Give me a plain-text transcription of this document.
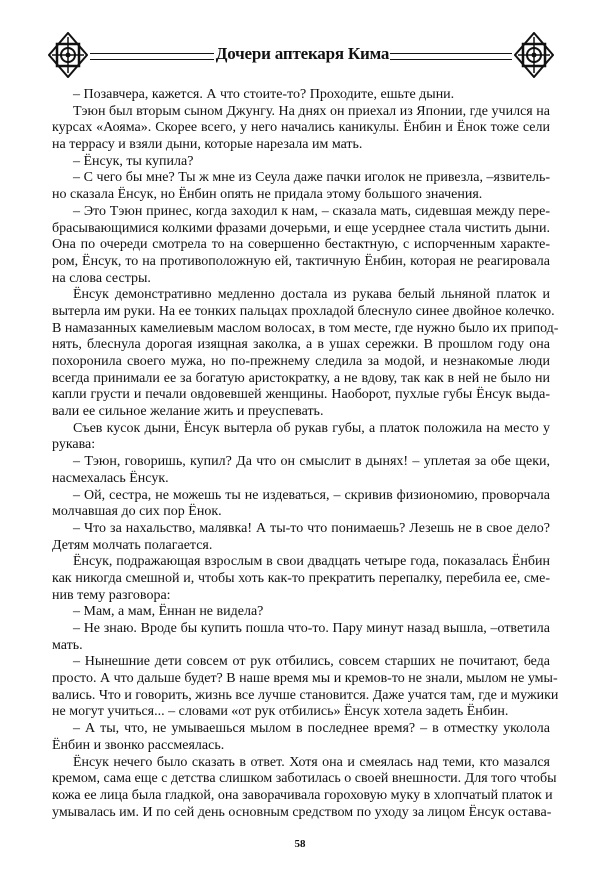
Дочери аптекаря Кима
– Позавчера, кажется. А что стоите-то? Проходите, ешьте дыни.
Тэюн был вторым сыном Джунгу. На днях он приехал из Японии, где учился на
курсах «Аояма». Скорее всего, у него начались каникулы. Ёнбин и Ёнок тоже сели
на террасу и взяли дыни, которые нарезала им мать.
– Ёнсук, ты купила?
– С чего бы мне? Ты ж мне из Сеула даже пачки иголок не привезла, –язвитель-
но сказала Ёнсук, но Ёнбин опять не придала этому большого значения.
– Это Тэюн принес, когда заходил к нам, – сказала мать, сидевшая между пере-
брасывающимися колкими фразами дочерьми, и еще усерднее стала чистить дыни.
Она по очереди смотрела то на совершенно бестактную, с испорченным характе-
ром, Ёнсук, то на противоположную ей, тактичную Ёнбин, которая не реагировала
на слова сестры.
Ёнсук демонстративно медленно достала из рукава белый льняной платок и
вытерла им руки. На ее тонких пальцах прохладой блеснуло синее двойное колечко.
В намазанных камелиевым маслом волосах, в том месте, где нужно было их припод-
нять, блеснула дорогая изящная заколка, а в ушах сережки. В прошлом году она
похоронила своего мужа, но по-прежнему следила за модой, и незнакомые люди
всегда принимали ее за богатую аристократку, а не вдову, так как в ней не было ни
капли грусти и печали овдовевшей женщины. Наоборот, пухлые губы Ёнсук выда-
вали ее сильное желание жить и преуспевать.
Съев кусок дыни, Ёнсук вытерла об рукав губы, а платок положила на место у
рукава:
– Тэюн, говоришь, купил? Да что он смыслит в дынях! – уплетая за обе щеки,
насмехалась Ёнсук.
– Ой, сестра, не можешь ты не издеваться, – скривив физиономию, проворчала
молчавшая до сих пор Ёнок.
– Что за нахальство, малявка! А ты-то что понимаешь? Лезешь не в свое дело?
Детям молчать полагается.
Ёнсук, подражающая взрослым в свои двадцать четыре года, показалась Ёнбин
как никогда смешной и, чтобы хоть как-то прекратить перепалку, перебила ее, сме-
нив тему разговора:
– Мам, а мам, Ённан не видела?
– Не знаю. Вроде бы купить пошла что-то. Пару минут назад вышла, –ответила
мать.
– Нынешние дети совсем от рук отбились, совсем старших не почитают, беда
просто. А что дальше будет? В наше время мы и кремов-то не знали, мылом не умы-
вались. Что и говорить, жизнь все лучше становится. Даже учатся там, где и мужики
не могут учиться... – словами «от рук отбились» Ёнсук хотела задеть Ёнбин.
– А ты, что, не умываешься мылом в последнее время? – в отместку уколола
Ёнбин и звонко рассмеялась.
Ёнсук нечего было сказать в ответ. Хотя она и смеялась над теми, кто мазался
кремом, сама еще с детства слишком заботилась о своей внешности. Для того чтобы
кожа ее лица была гладкой, она заворачивала гороховую муку в хлопчатый платок и
умывалась им. И по сей день основным средством по уходу за лицом Ёнсук остава-
58
